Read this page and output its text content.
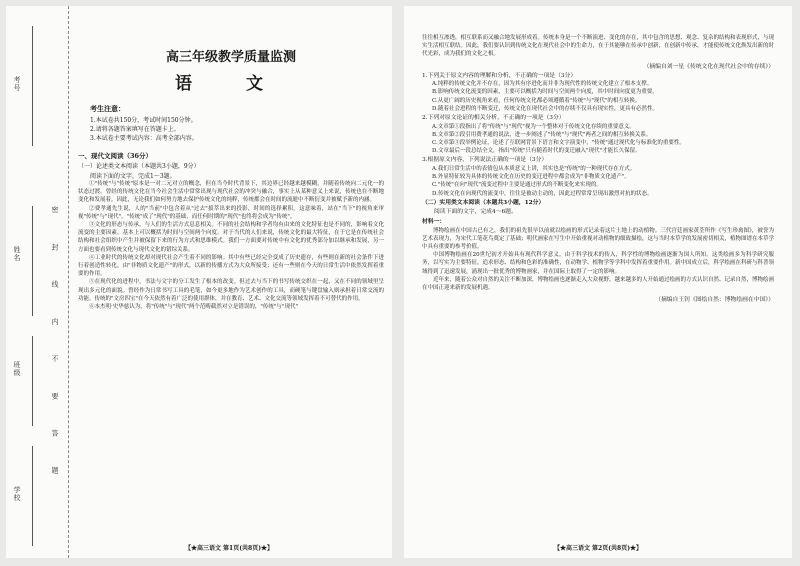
考号
姓名
班级
学校
密 封 线 内 不 要 答 题
高三年级教学质量监测
语 文
考生注意：
1.本试卷共150分，考试时间150分钟。
2.请将各题答案填写在答题卡上。
3.本试卷主要考试内容：高考全部内容。
一、现代文阅读（36分）
（一）论述类文本阅读（本题共3小题，9分）
阅读下面的文字，完成1～3题。

①"传统"与"传统"原本是一对二元对立的概念，但在当今时代背景下，其边界已经越来越模糊，并随着传统向二元化一的状态过渡。曾经的传统文化在当今社会生活中常常出现与现代社会的冲突与融合，事实上从某种意义上来说，传统也在不断地变化和发展着。因此，无论我们如何努力地去保护传统文化的纯粹，传统都会在时间的流逝中不断衍变并被赋予新的内涵。

②费孝通先生说，人的"当前"中包含着从"过去"拔萃出来的投影，时间的选择累积。这意味着，站在"当下"的视角来审视"传统"与"现代"，"传统"成了"现代"的基础，而任何时期的"现代"也终将会成为"传统"。

③文化的形态与传承，与人们的生活方式息息相关。不同的社会结构和学者均有由来的文化特征也是不同的，影响着文化流变的主要因素。基本上可以概括为时间与空间两个向度。对于当代的人们来说，传统文化的最大特征，在于它是在传统社会结构和社会组织中产生并被保留下来的行为方式和思维模式。我们一方面要对传统中有文化的优秀部分加以继承和发展，另一方面也要看到传统文化与现代文化的错综关系。

④工业时代的传统文化却对现代社会产生着不同的影响。其中有些已经完全变成了历史遗存，有些则在新的社会条件下进行着创造性转化，由"非物质文化遗产"的形式，以新的传播方式为大众所接受；还有一些则在今天的日常生活中依然发挥着重要的作用。

⑤在现代化的进程中，书法与文字的分工发生了根本的改变。但过去与当下的书写传统交织在一起，又在不同的领域里呈现出多元化的面貌。曾经作为日常书写工具的毛笔，如今更多地作为艺术创作的工具，而硬笔与键盘输入则承担着日常交流的功能。传统的"文房四宝"在今天依然有着广泛的使用群体，并在教育、艺术、文化交流等领域发挥着不可替代的作用。

⑥本杰明·史华慈认为，将"传统"与"现代"两个范畴截然对立是错误的，"传统"与"现代"

【★高三语文 第1页(共8页)★】

往往相互渗透，相互联系而又融合地发展形成着。传统本身是一个不断演进、变化的存在，其中包含的思想、观念、复杂的结构和表现形式，与现实生活相互联结。因此，我们要认识到传统文化在现代社会中的生命力，在于其能够在传承中创新，在创新中传承，才能使传统文化焕发出新的时代光彩，成为我们的文化之根。

（摘编自刘一星《传统文化在现代社会中的存续》）
1.下列关于原文内容的理解和分析，不正确的一项是（3分）

A.纯粹的传统文化并不存在，因为其有序进化而并非为现代性的传统文化建立了根本支撑。

B.影响传统文化流变的因素，主要可以概括为时间与空间两个向度，其中时间向度更为重要。

C.从更广阔的历史视角来看，任何传统文化都必须遵循着"传统"与"现代"的相互转换。

D.随着社会进程的不断变迁，传统文化在现代社会中的存续不仅具有现实性，更具有必然性。

2.下列对原文论证的相关分析，不正确的一项是（3分）

A.文章第①段指出了将"传统"与"现代"视为一个整体对于传统文化存续的重要意义。

B.文章第②段引用费孝通的说法，进一步阐述了"传统"与"现代"两者之间的相互转换关系。

C.文章第③段举例论证，论述了互联网背景下语言和文字演变中，"传统"通过现代化与标准化的重要性。

D.文章最后一段总结全文，指出"传统"只有随着时代的变迁融入"现代"才能长久保留。

3.根据原文内容，下列说法正确的一项是（3分）

A.我们日常生活中的表情包从本质意义上讲，其实也是"传统"的一种现代存在方式。

B.外显特征较为具体的传统文化在历史的变迁进程中都会成为"非物质文化遗产"。

C."传统"在向"现代"流变过程中主要是通过形式的不断变化来实现的。

D.传统文化在向现代的流变中，往往是被动主动的，因此过程常常呈现出激烈对抗的状态。

（二）实用类文本阅读（本题共3小题，12分）
阅读下面的文字，完成4～6题。
材料一：

博物绘画在中国古已有之，我们的祖先很早以前就以绘画的形式记录着这片土地上的动植物。三代宫廷画家黄荃所作《写生珍禽图》，被誉为艺术表现力，为宋代工笔花鸟奠定了基础；明代画家在写生中开始重视对动植物的细致描绘，这与当时本草学的发展密切相关，植物图谱在本草学中具有重要的参考价值。

中国博物绘画在20世纪初才开始具有现代科学意义。由于科学技术的传入，科学性的博物绘画逐渐为国人所知。这类绘画多为科学研究服务，以写实为主要特征，追求形态、结构和色彩的准确性，在动物学、植物学等学科中发挥着重要作用。新中国成立后，科学绘画在科研与科普领域得到了迅速发展，涌现出一批优秀的博物画家，并在国际上取得了一定的影响。

近年来，随着公众对自然的关注不断加深，博物绘画也逐渐走入大众视野，越来越多的人开始通过绘画的方式认识自然、记录自然，博物绘画在中国正迎来新的发展机遇。

（摘编自王钊《图绘自然：博物绘画在中国》）
【★高三语文 第2页(共8页)★】
